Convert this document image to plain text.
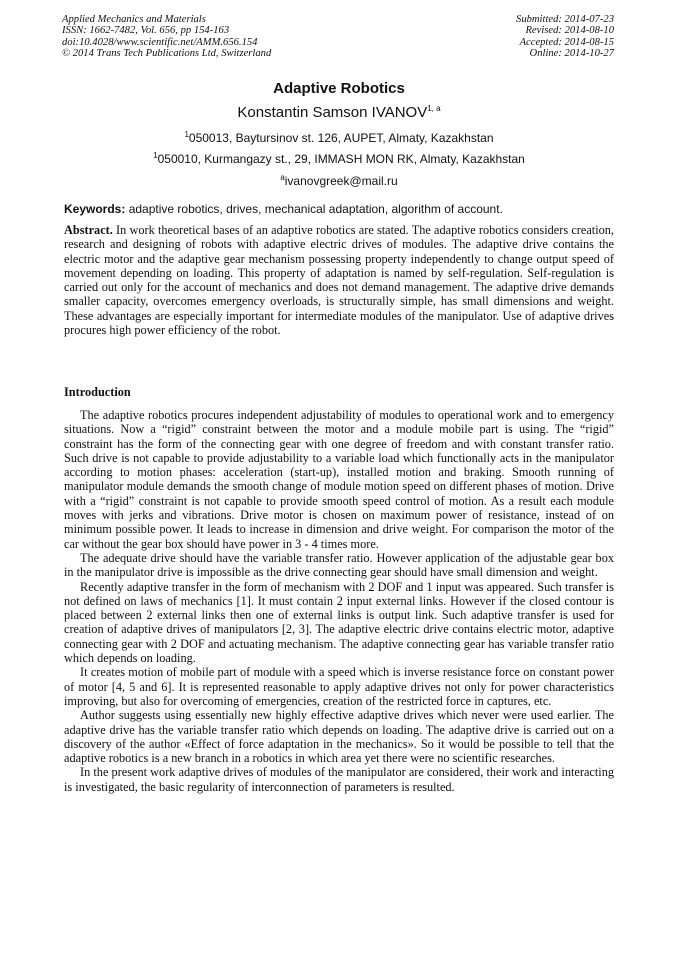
Applied Mechanics and Materials
ISSN: 1662-7482, Vol. 656, pp 154-163
doi:10.4028/www.scientific.net/AMM.656.154
© 2014 Trans Tech Publications Ltd, Switzerland
Submitted: 2014-07-23
Revised: 2014-08-10
Accepted: 2014-08-15
Online: 2014-10-27
Adaptive Robotics
Konstantin Samson IVANOV$^{1, a}$
$^1$050013, Baytursinov st. 126, AUPET, Almaty, Kazakhstan
$^1$050010, Kurmangazy st., 29, IMMASH MON RK, Almaty, Kazakhstan
$^a$ivanovgreek@mail.ru
Keywords: adaptive robotics, drives, mechanical adaptation, algorithm of account.

Abstract. In work theoretical bases of an adaptive robotics are stated. The adaptive robotics considers creation, research and designing of robots with adaptive electric drives of modules. The adaptive drive contains the electric motor and the adaptive gear mechanism possessing property independently to change output speed of movement depending on loading. This property of adaptation is named by self-regulation. Self-regulation is carried out only for the account of mechanics and does not demand management. The adaptive drive demands smaller capacity, overcomes emergency overloads, is structurally simple, has small dimensions and weight. These advantages are especially important for intermediate modules of the manipulator. Use of adaptive drives procures high power efficiency of the robot.

Introduction

The adaptive robotics procures independent adjustability of modules to operational work and to emergency situations. Now a “rigid” constraint between the motor and a module mobile part is using. The “rigid” constraint has the form of the connecting gear with one degree of freedom and with constant transfer ratio. Such drive is not capable to provide adjustability to a variable load which functionally acts in the manipulator according to motion phases: acceleration (start-up), installed motion and braking. Smooth running of manipulator module demands the smooth change of module motion speed on different phases of motion. Drive with a “rigid” constraint is not capable to provide smooth speed control of motion. As a result each module moves with jerks and vibrations. Drive motor is chosen on maximum power of resistance, instead of on minimum possible power. It leads to increase in dimension and drive weight. For comparison the motor of the car without the gear box should have power in 3 - 4 times more.

The adequate drive should have the variable transfer ratio. However application of the adjustable gear box in the manipulator drive is impossible as the drive connecting gear should have small dimension and weight.

Recently adaptive transfer in the form of mechanism with 2 DOF and 1 input was appeared. Such transfer is not defined on laws of mechanics [1]. It must contain 2 input external links. However if the closed contour is placed between 2 external links then one of external links is output link. Such adaptive transfer is used for creation of adaptive drives of manipulators [2, 3]. The adaptive electric drive contains electric motor, adaptive connecting gear with 2 DOF and actuating mechanism. The adaptive connecting gear has variable transfer ratio which depends on loading.

It creates motion of mobile part of module with a speed which is inverse resistance force on constant power of motor [4, 5 and 6]. It is represented reasonable to apply adaptive drives not only for power characteristics improving, but also for overcoming of emergencies, creation of the restricted force in captures, etc.

Author suggests using essentially new highly effective adaptive drives which never were used earlier. The adaptive drive has the variable transfer ratio which depends on loading. The adaptive drive is carried out on a discovery of the author «Effect of force adaptation in the mechanics». So it would be possible to tell that the adaptive robotics is a new branch in a robotics in which area yet there were no scientific researches.

In the present work adaptive drives of modules of the manipulator are considered, their work and interacting is investigated, the basic regularity of interconnection of parameters is resulted.
